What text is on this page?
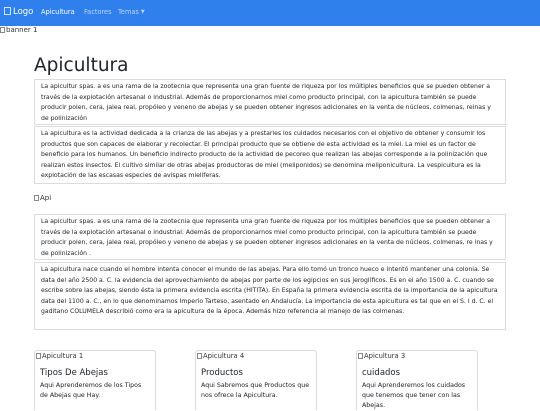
Logo Apicultura Factores Temas ▼
banner 1
Apicultura

La apicultur spas. a es una rama de la zootecnia que representa una gran fuente de riqueza por los múltiples beneficios que se pueden obtener a través de la explotación artesanal o industrial. Además de proporcionarnos miel como producto principal, con la apicultura también se puede producir polen, cera, jalea real, propóleo y veneno de abejas y se pueden obtener ingresos adicionales en la venta de núcleos, colmenas, reinas y de polinización

La apicultura es la actividad dedicada a la crianza de las abejas y a prestarles los cuidados necesarios con el objetivo de obtener y consumir los productos que son capaces de elaborar y recolectar. El principal producto que se obtiene de esta actividad es la miel. La miel es un factor de beneficio para los humanos. Un beneficio indirecto producto de la actividad de pecoreo que realizan las abejas corresponde a la polinización que realizan estos insectos. El cultivo similar de otras abejas productoras de miel (meliponidos) se denomina meliponicultura. La vespicultura es la explotación de las escasas especies de avispas mieliferas.

Api

La apicultur spas. a es una rama de la zootecnia que representa una gran fuente de riqueza por los múltiples beneficios que se pueden obtener a través de la explotación artesanal o industrial. Además de proporcionarnos miel como producto principal, con la apicultura también se puede producir polen, cera, jalea real, propóleo y veneno de abejas y se pueden obtener ingresos adicionales en la venta de núcleos, colmenas, re inas y de polinización .

La apicultura nace cuando el hombre intenta conocer el mundo de las abejas. Para ello tomó un tronco hueco e intentó mantener una colonia. Se data del año 2500 a. C. la evidencia del aprovechamiento de abejas por parte de los egipcios en sus jeroglíficos. Es en el año 1500 a. C. cuando se escribe sobre las abejas, siendo ésta la primera evidencia escrita (HITITA). En España la primera evidencia escrita de la importancia de la apicultura data del 1100 a. C., en lo que denominamos Imperio Tarteso, asentado en Andalucía. La importancia de esta apicultura es tal que en el S. I d. C. el gaditano COLUMELA describió como era la apicultura de la época. Además hizo referencia al manejo de las colmenas.

Apicultura 1
Tipos De Abejas

Aqui Aprenderemos de los Tipos de Abejas que Hay.

Apicultura 4
Productos

Aqui Sabremos que Productos que nos ofrece la Apicultura.

Apicultura 3
cuidados

Aqui Aprenderemos los cuidados que tenemos que tener con las Abejas.
